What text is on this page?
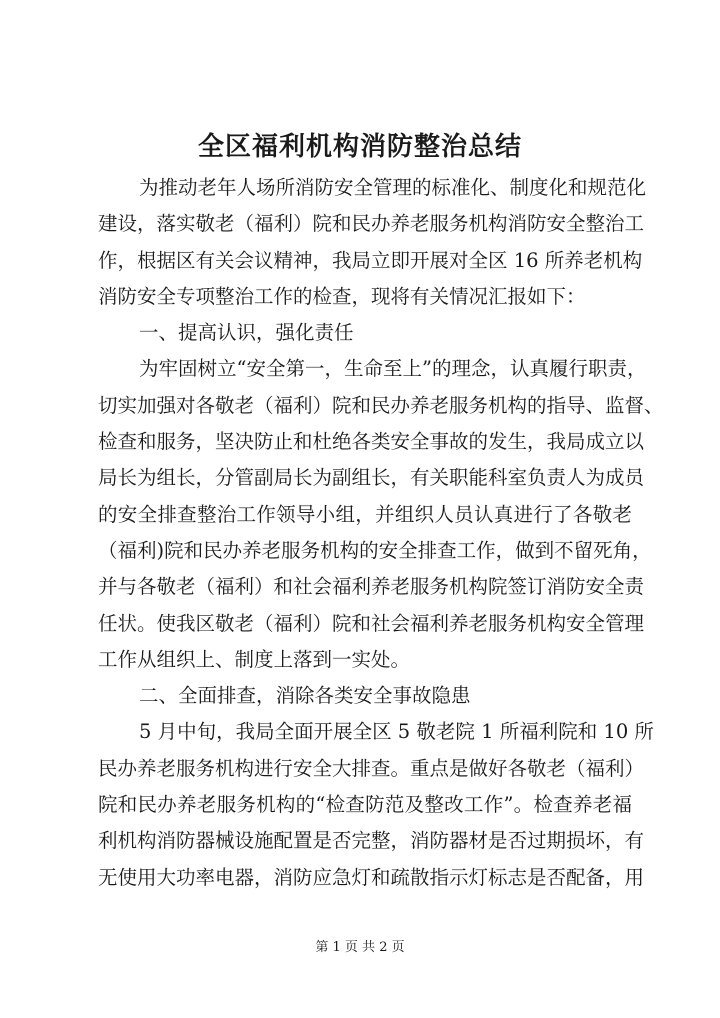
全区福利机构消防整治总结
为推动老年人场所消防安全管理的标准化、制度化和规范化
建设，落实敬老（福利）院和民办养老服务机构消防安全整治工
作，根据区有关会议精神，我局立即开展对全区 16 所养老机构
消防安全专项整治工作的检查，现将有关情况汇报如下：
一、提高认识，强化责任
为牢固树立“安全第一，生命至上”的理念，认真履行职责，
切实加强对各敬老（福利）院和民办养老服务机构的指导、监督、
检查和服务，坚决防止和杜绝各类安全事故的发生，我局成立以
局长为组长，分管副局长为副组长，有关职能科室负责人为成员
的安全排查整治工作领导小组，并组织人员认真进行了各敬老
（福利)院和民办养老服务机构的安全排查工作，做到不留死角，
并与各敬老（福利）和社会福利养老服务机构院签订消防安全责
任状。使我区敬老（福利）院和社会福利养老服务机构安全管理
工作从组织上、制度上落到一实处。
二、全面排查，消除各类安全事故隐患
5 月中旬，我局全面开展全区 5 敬老院 1 所福利院和 10 所
民办养老服务机构进行安全大排查。重点是做好各敬老（福利）
院和民办养老服务机构的“检查防范及整改工作”。检查养老福
利机构消防器械设施配置是否完整，消防器材是否过期损坏，有
无使用大功率电器，消防应急灯和疏散指示灯标志是否配备，用
第 1 页 共 2 页
